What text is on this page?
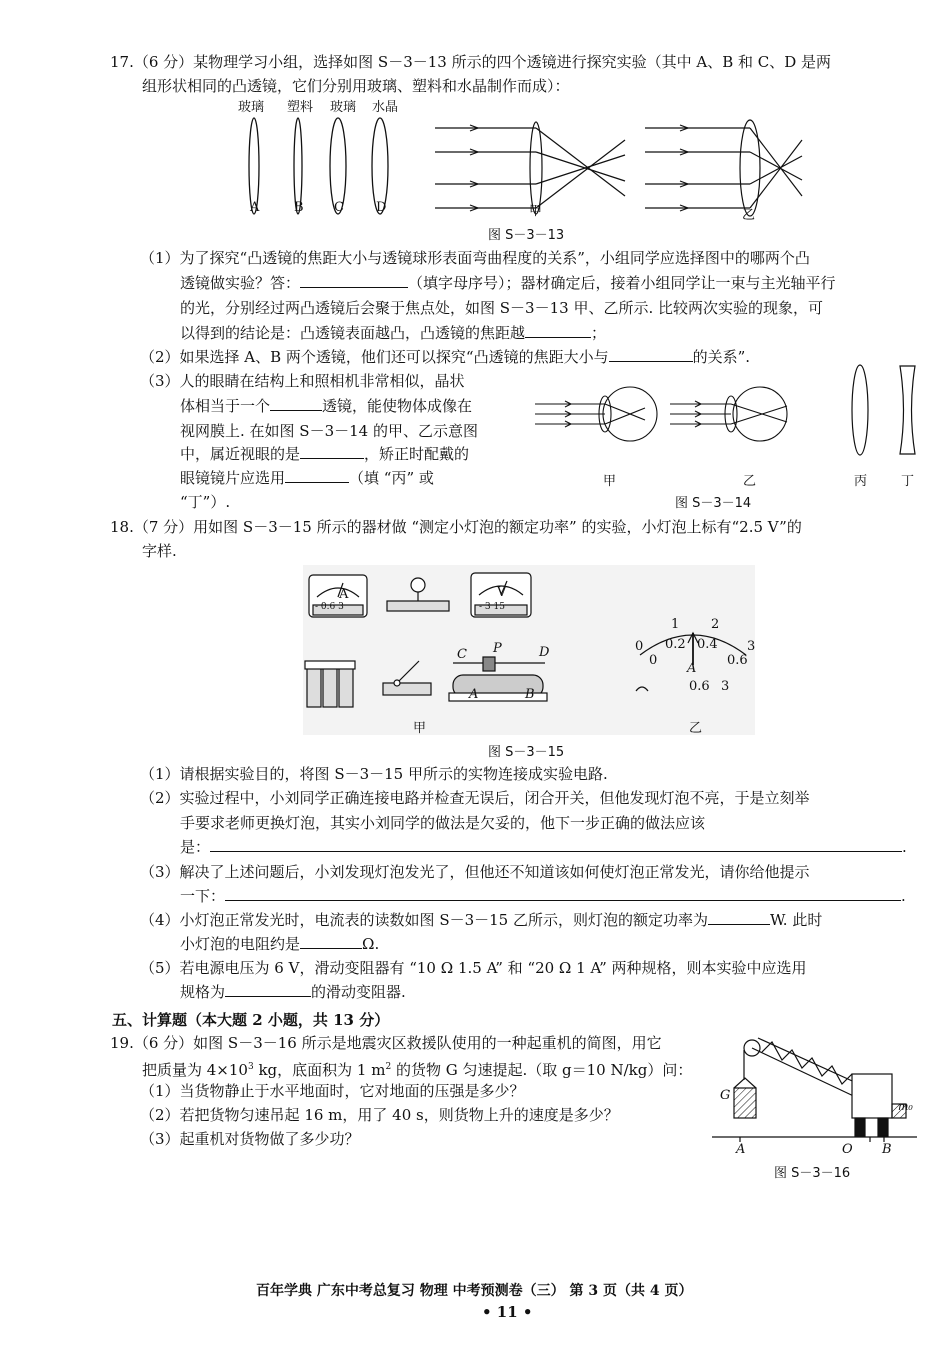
17.（6 分）某物理学习小组，选择如图 S－3－13 所示的四个透镜进行探究实验（其中 A、B 和 C、D 是两
组形状相同的凸透镜，它们分别用玻璃、塑料和水晶制作而成）：
玻璃 塑料 玻璃 水晶
A	B C D	甲	乙
图 S－3－13
（1）为了探究“凸透镜的焦距大小与透镜球形表面弯曲程度的关系”，小组同学应选择图中的哪两个凸
透镜做实验？答：	（填字母序号）；器材确定后，接着小组同学让一束与主光轴平行
的光，分别经过两凸透镜后会聚于焦点处，如图 S－3－13 甲、乙所示. 比较两次实验的现象，可
以得到的结论是：凸透镜表面越凸，凸透镜的焦距越	；
（2）如果选择 A、B 两个透镜，他们还可以探究“凸透镜的焦距大小与	的关系”.
（3）人的眼睛在结构上和照相机非常相似，晶状
体相当于一个	透镜，能使物体成像在
视网膜上. 在如图 S－3－14 的甲、乙示意图
中，属近视眼的是	，矫正时配戴的
眼镜镜片应选用	（填 “丙” 或
“丁”）.
甲	乙	丙	丁
图 S－3－14
18.（7 分）用如图 S－3－15 所示的器材做 “测定小灯泡的额定功率” 的实验，小灯泡上标有“2.5 V”的
字样.
A
- 0.6 3
V
- 3 15
C P	D
A	B
1 2
0.2 0.4
0	3
0	0.6
A
0.6 3
甲	乙
图 S－3－15
（1）请根据实验目的，将图 S－3－15 甲所示的实物连接成实验电路.
（2）实验过程中，小刘同学正确连接电路并检查无误后，闭合开关，但他发现灯泡不亮，于是立刻举
手要求老师更换灯泡，其实小刘同学的做法是欠妥的，他下一步正确的做法应该
是：	.
（3）解决了上述问题后，小刘发现灯泡发光了，但他还不知道该如何使灯泡正常发光，请你给他提示
一下：	.
（4）小灯泡正常发光时，电流表的读数如图 S－3－15 乙所示，则灯泡的额定功率为	W. 此时
小灯泡的电阻约是	Ω.
（5）若电源电压为 6 V，滑动变阻器有 “10 Ω 1.5 A” 和 “20 Ω 1 A” 两种规格，则本实验中应选用
规格为	的滑动变阻器.
五、计算题（本大题 2 小题，共 13 分）
19.（6 分）如图 S－3－16 所示是地震灾区救援队使用的一种起重机的简图，用它
把质量为 $4\times 10^3$ kg，底面积为 1 $m^2$ 的货物 G 匀速提起.（取 g＝10 N/kg）问：
（1）当货物静止于水平地面时，它对地面的压强是多少？
（2）若把货物匀速吊起 16 m，用了 40 s，则货物上升的速度是多少？
（3）起重机对货物做了多少功？
G
A	O B
m₀
图 S－3－16
百年学典 广东中考总复习 物理 中考预测卷（三） 第 3 页（共 4 页）
• 11 •
